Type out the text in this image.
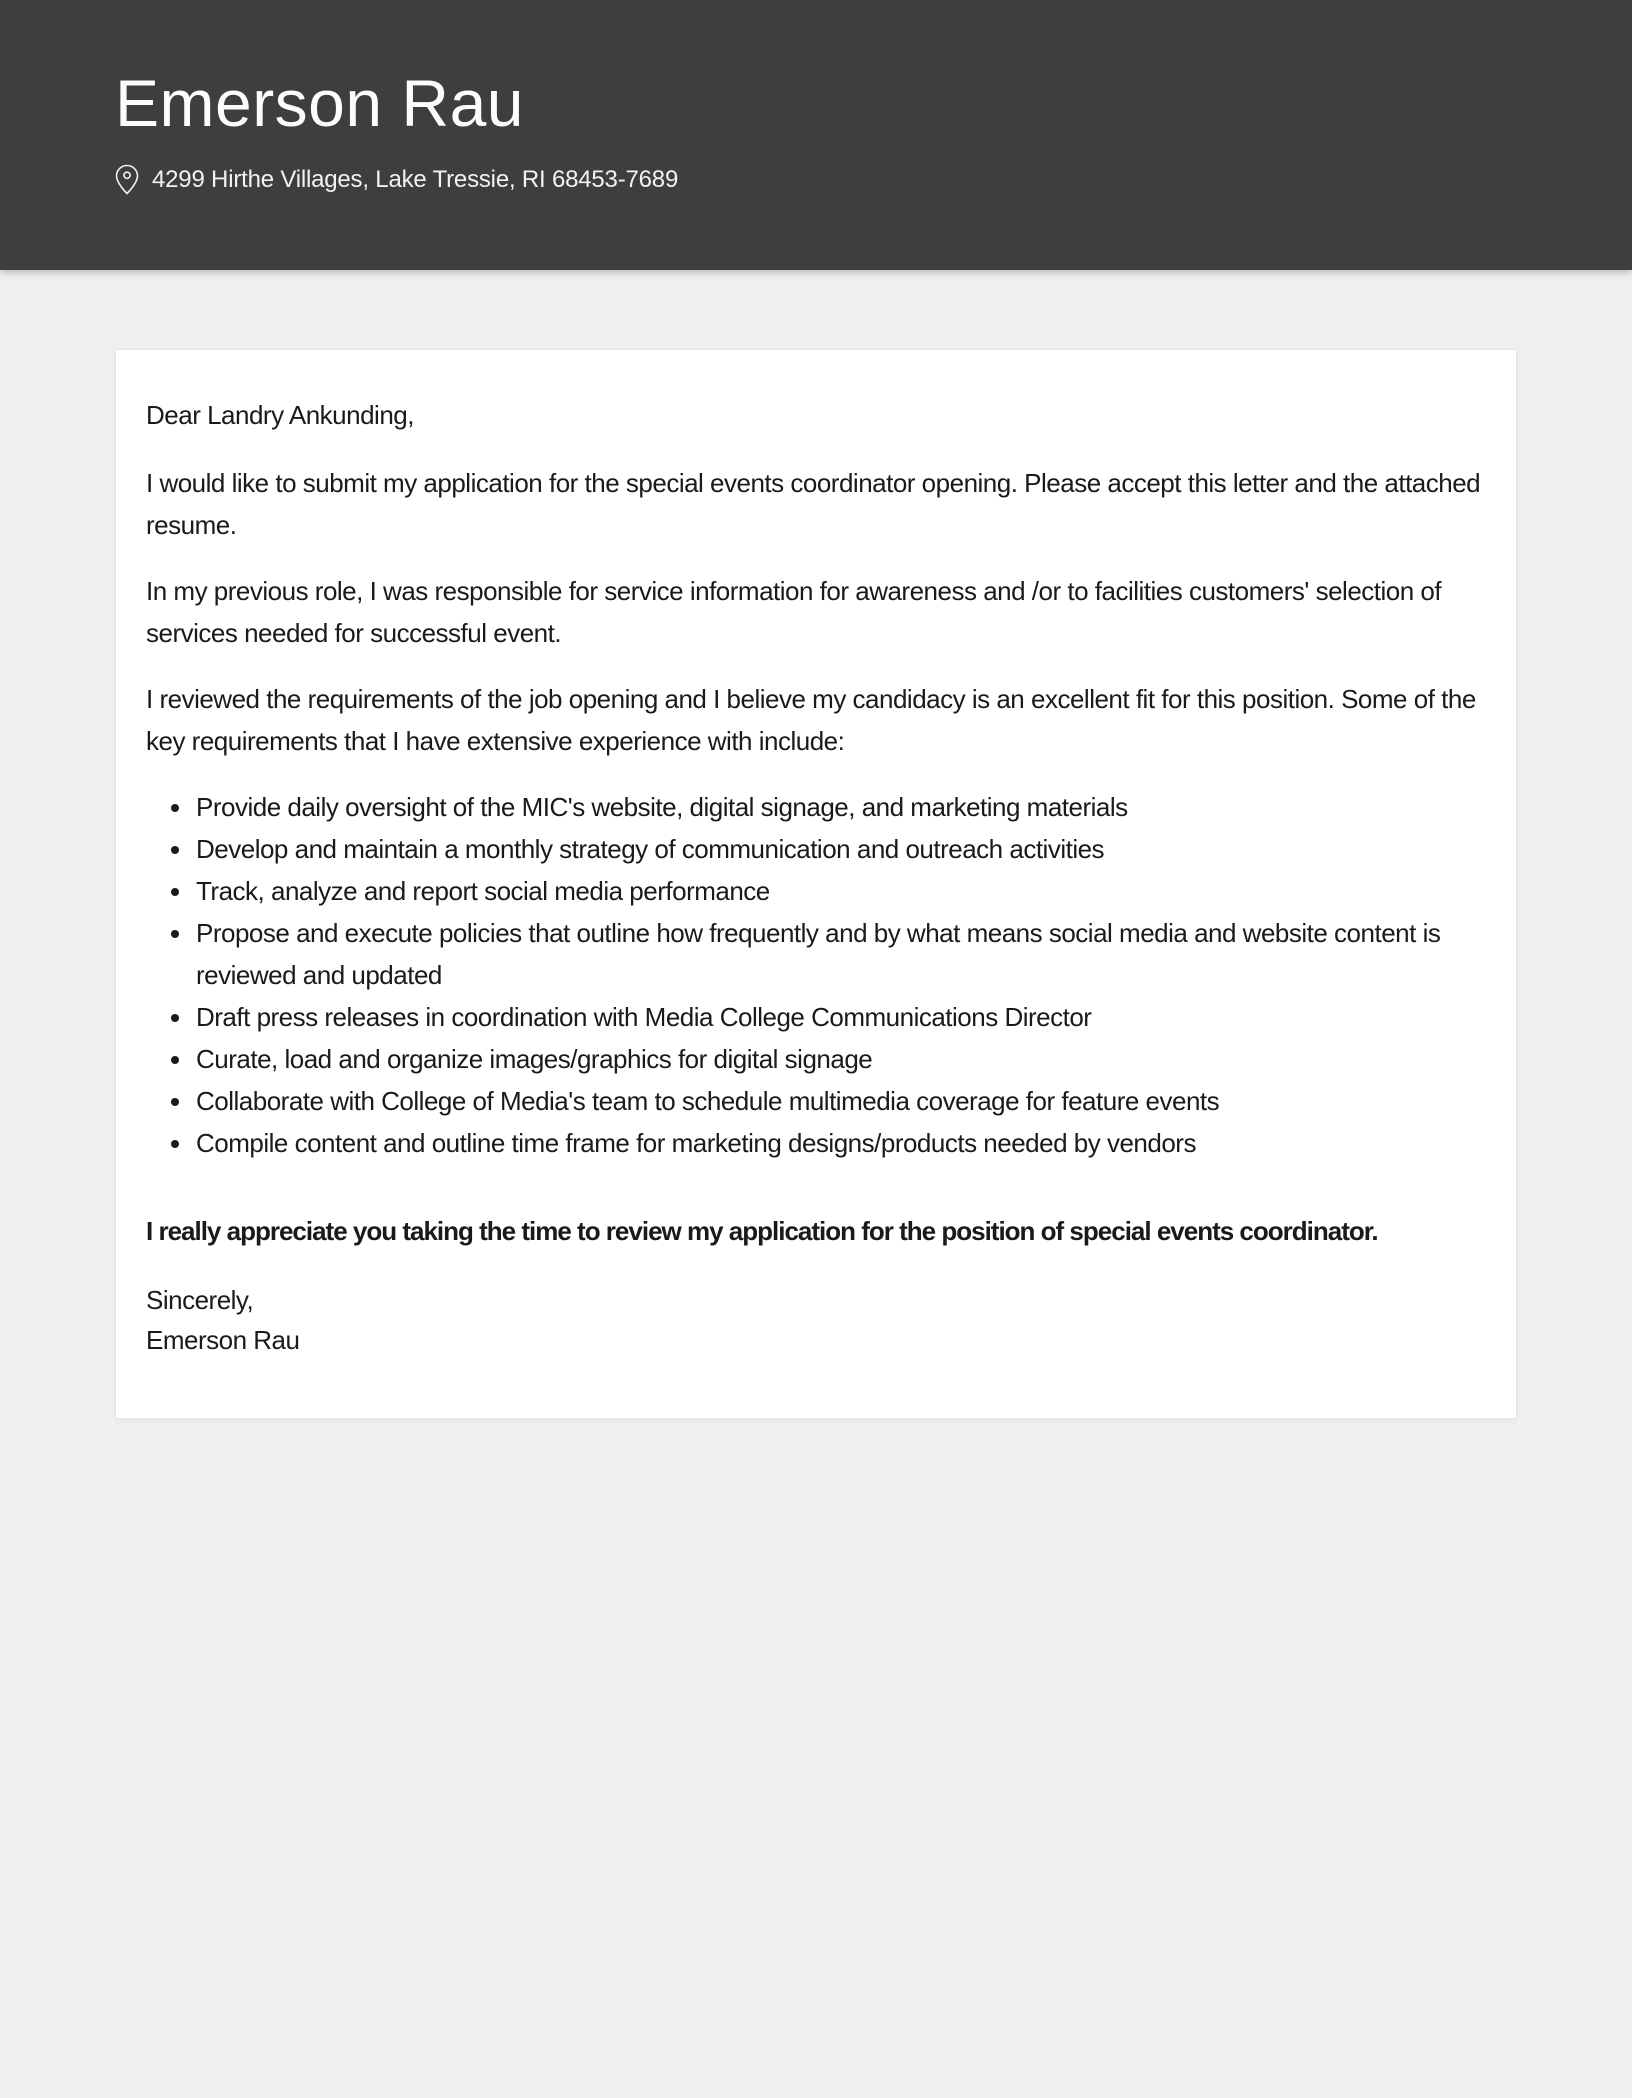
Emerson Rau
4299 Hirthe Villages, Lake Tressie, RI 68453-7689

Dear Landry Ankunding,

I would like to submit my application for the special events coordinator opening. Please accept this letter and the attached resume.

In my previous role, I was responsible for service information for awareness and /or to facilities customers' selection of services needed for successful event.

I reviewed the requirements of the job opening and I believe my candidacy is an excellent fit for this position. Some of the key requirements that I have extensive experience with include:

• Provide daily oversight of the MIC's website, digital signage, and marketing materials
• Develop and maintain a monthly strategy of communication and outreach activities
• Track, analyze and report social media performance
• Propose and execute policies that outline how frequently and by what means social media and website content is reviewed and updated
• Draft press releases in coordination with Media College Communications Director
• Curate, load and organize images/graphics for digital signage
• Collaborate with College of Media's team to schedule multimedia coverage for feature events
• Compile content and outline time frame for marketing designs/products needed by vendors

I really appreciate you taking the time to review my application for the position of special events coordinator.

Sincerely,

Emerson Rau
